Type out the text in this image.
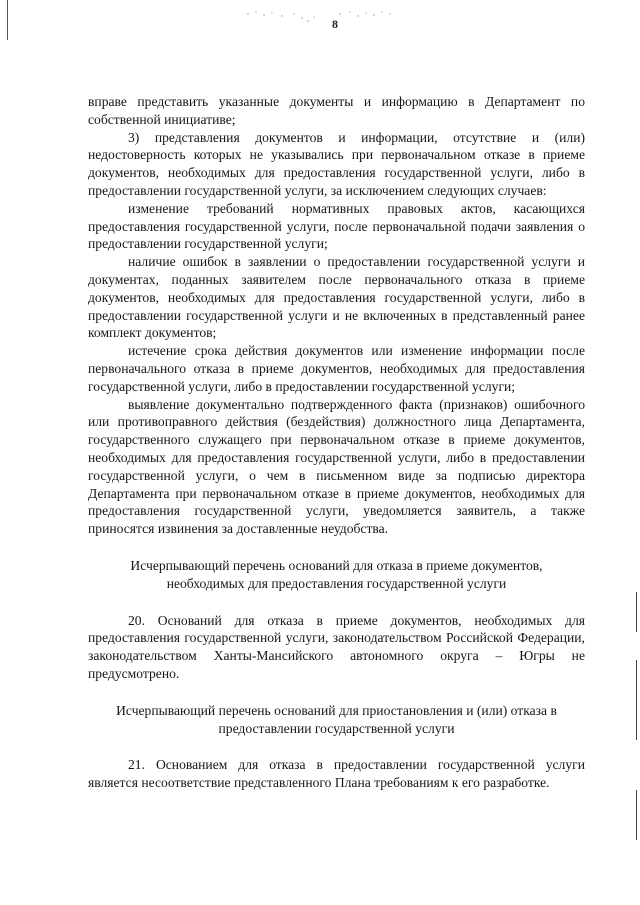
8

вправе представить указанные документы и информацию в Департамент по собственной инициативе;

3) представления документов и информации, отсутствие и (или) недостоверность которых не указывались при первоначальном отказе в приеме документов, необходимых для предоставления государственной услуги, либо в предоставлении государственной услуги, за исключением следующих случаев:

изменение требований нормативных правовых актов, касающихся предоставления государственной услуги, после первоначальной подачи заявления о предоставлении государственной услуги;

наличие ошибок в заявлении о предоставлении государственной услуги и документах, поданных заявителем после первоначального отказа в приеме документов, необходимых для предоставления государственной услуги, либо в предоставлении государственной услуги и не включенных в представленный ранее комплект документов;

истечение срока действия документов или изменение информации после первоначального отказа в приеме документов, необходимых для предоставления государственной услуги, либо в предоставлении государственной услуги;

выявление документально подтвержденного факта (признаков) ошибочного или противоправного действия (бездействия) должностного лица Департамента, государственного служащего при первоначальном отказе в приеме документов, необходимых для предоставления государственной услуги, либо в предоставлении государственной услуги, о чем в письменном виде за подписью директора Департамента при первоначальном отказе в приеме документов, необходимых для предоставления государственной услуги, уведомляется заявитель, а также приносятся извинения за доставленные неудобства.

Исчерпывающий перечень оснований для отказа в приеме документов, необходимых для предоставления государственной услуги

20. Оснований для отказа в приеме документов, необходимых для предоставления государственной услуги, законодательством Российской Федерации, законодательством Ханты-Мансийского автономного округа – Югры не предусмотрено.

Исчерпывающий перечень оснований для приостановления и (или) отказа в предоставлении государственной услуги

21. Основанием для отказа в предоставлении государственной услуги является несоответствие представленного Плана требованиям к его разработке.
